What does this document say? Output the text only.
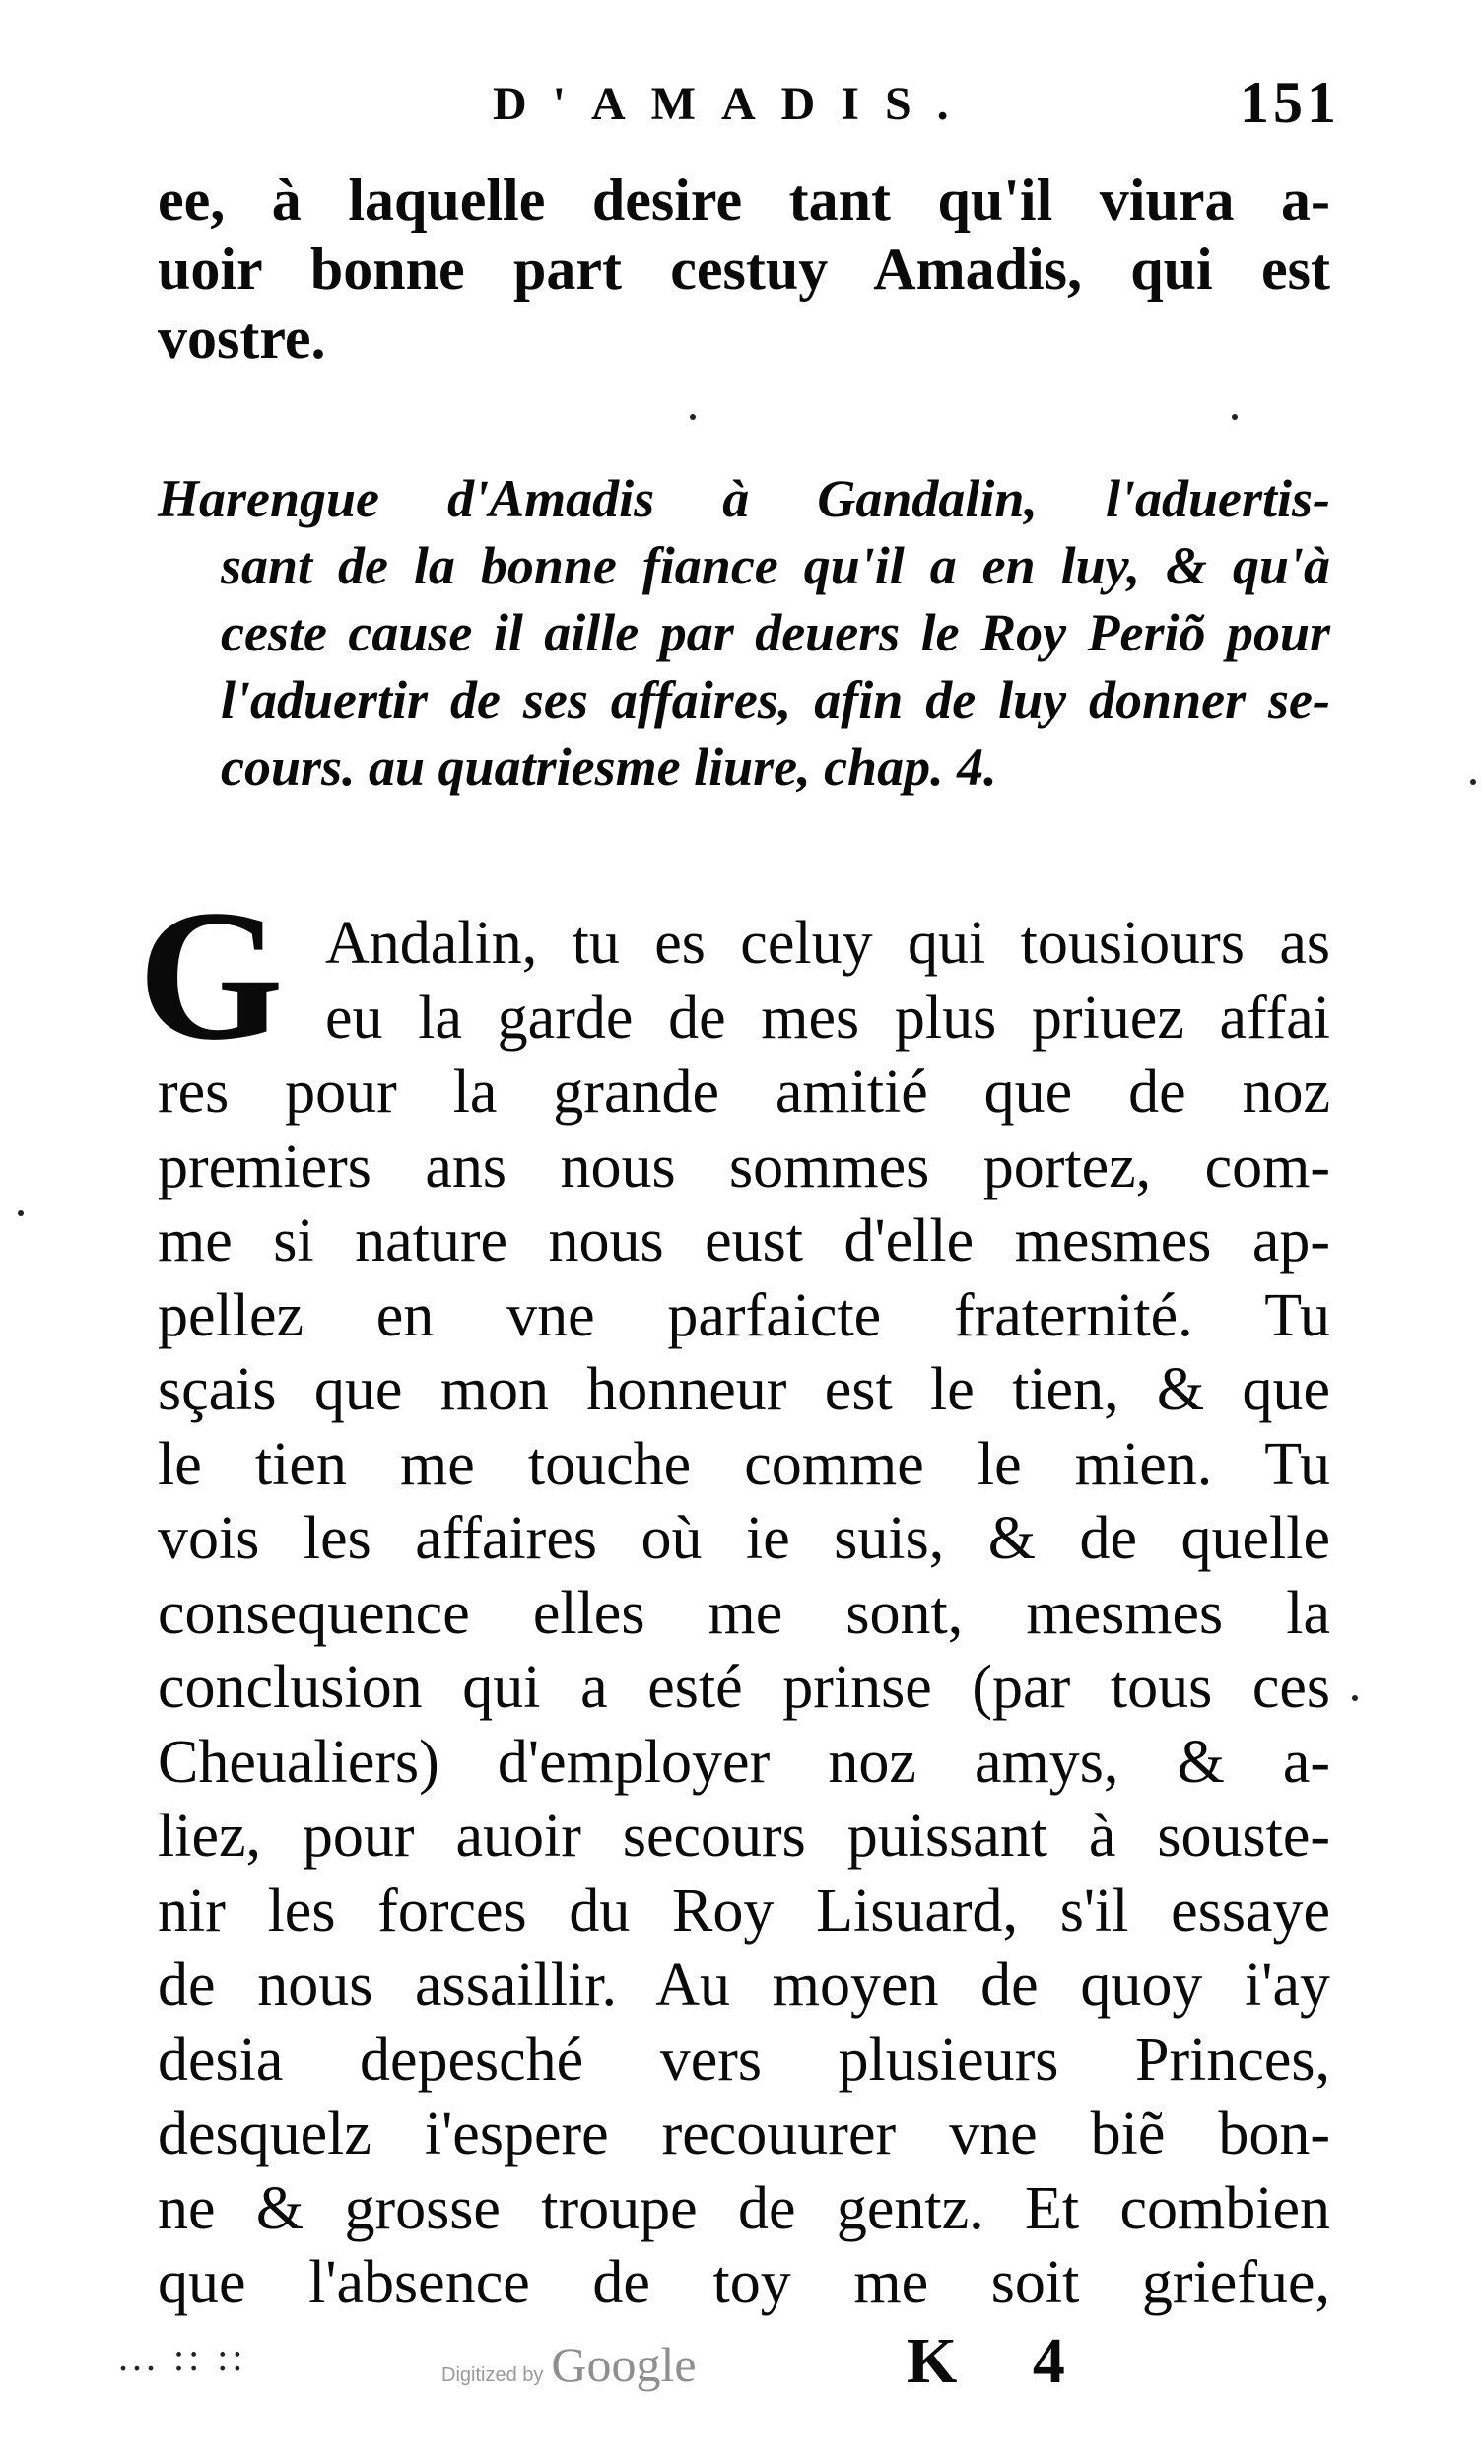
D'AMADIS.	151
ee, à laquelle desire tant qu'il viura a-
uoir bonne part cestuy Amadis, qui est
vostre.
Harengue d'Amadis à Gandalin, l'aduertis-
sant de la bonne fiance qu'il a en luy, & qu'à
ceste cause il aille par deuers le Roy Periõ pour
l'aduertir de ses affaires, afin de luy donner se-
cours. au quatriesme liure, chap. 4.
G Andalin, tu es celuy qui tousiours as
eu la garde de mes plus priuez affai
res pour la grande amitié que de noz
premiers ans nous sommes portez, com-
me si nature nous eust d'elle mesmes ap-
pellez en vne parfaicte fraternité. Tu
sçais que mon honneur est le tien, & que
le tien me touche comme le mien. Tu
vois les affaires où ie suis, & de quelle
consequence elles me sont, mesmes la
conclusion qui a esté prinse (par tous ces
Cheualiers) d'employer noz amys, & a-
liez, pour auoir secours puissant à souste-
nir les forces du Roy Lisuard, s'il essaye
de nous assaillir. Au moyen de quoy i'ay
desia depesché vers plusieurs Princes,
desquelz i'espere recouurer vne biẽ bon-
ne & grosse troupe de gentz. Et combien
que l'absence de toy me soit griefue,
... :: ::	Digitized by Google	K 4
